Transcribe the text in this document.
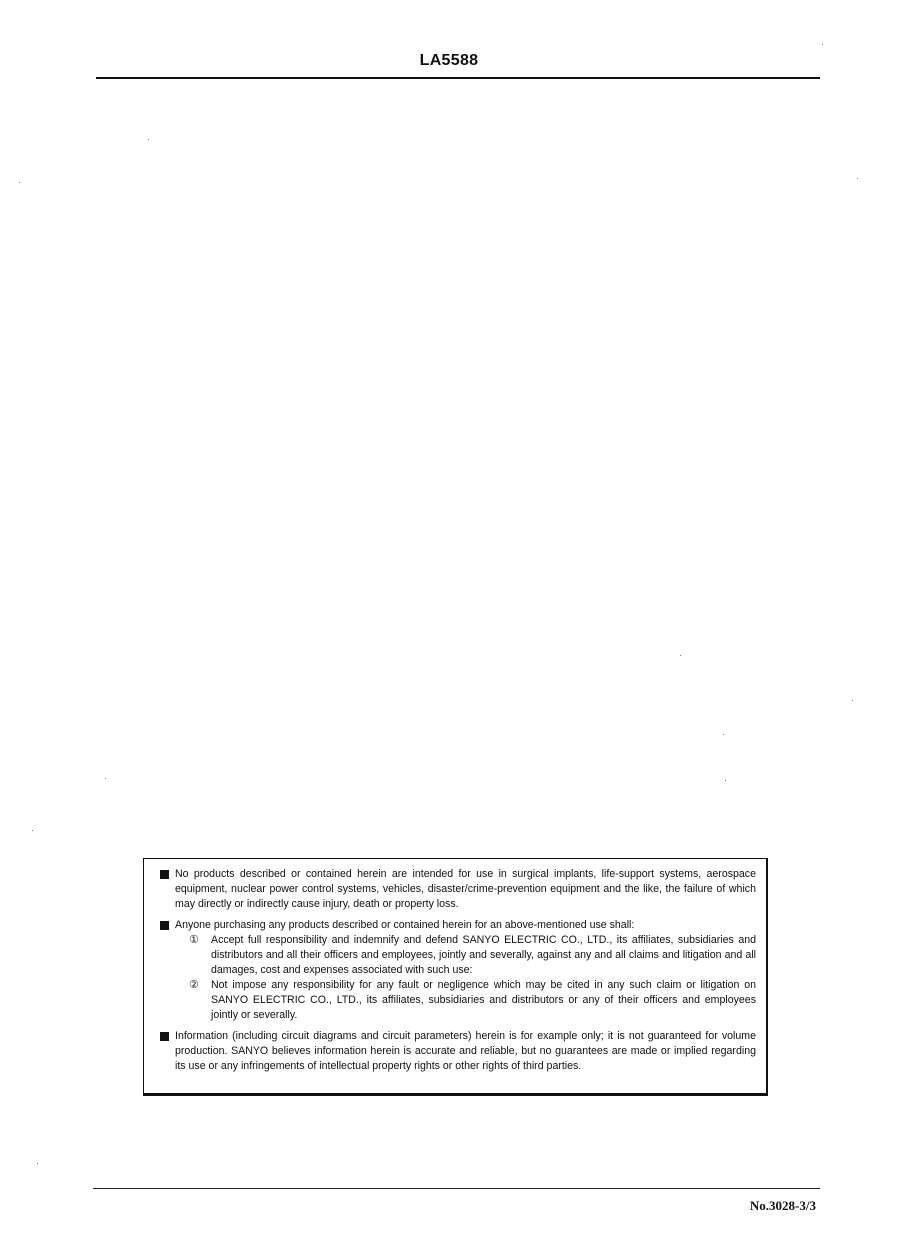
LA5588
No products described or contained herein are intended for use in surgical implants, life-support systems, aerospace equipment, nuclear power control systems, vehicles, disaster/crime-prevention equipment and the like, the failure of which may directly or indirectly cause injury, death or property loss.
Anyone purchasing any products described or contained herein for an above-mentioned use shall:
① Accept full responsibility and indemnify and defend SANYO ELECTRIC CO., LTD., its affiliates, subsidiaries and distributors and all their officers and employees, jointly and severally, against any and all claims and litigation and all damages, cost and expenses associated with such use:
② Not impose any responsibility for any fault or negligence which may be cited in any such claim or litigation on SANYO ELECTRIC CO., LTD., its affiliates, subsidiaries and distributors or any of their officers and employees jointly or severally.
Information (including circuit diagrams and circuit parameters) herein is for example only; it is not guaranteed for volume production. SANYO believes information herein is accurate and reliable, but no guarantees are made or implied regarding its use or any infringements of intellectual property rights or other rights of third parties.
No.3028-3/3
